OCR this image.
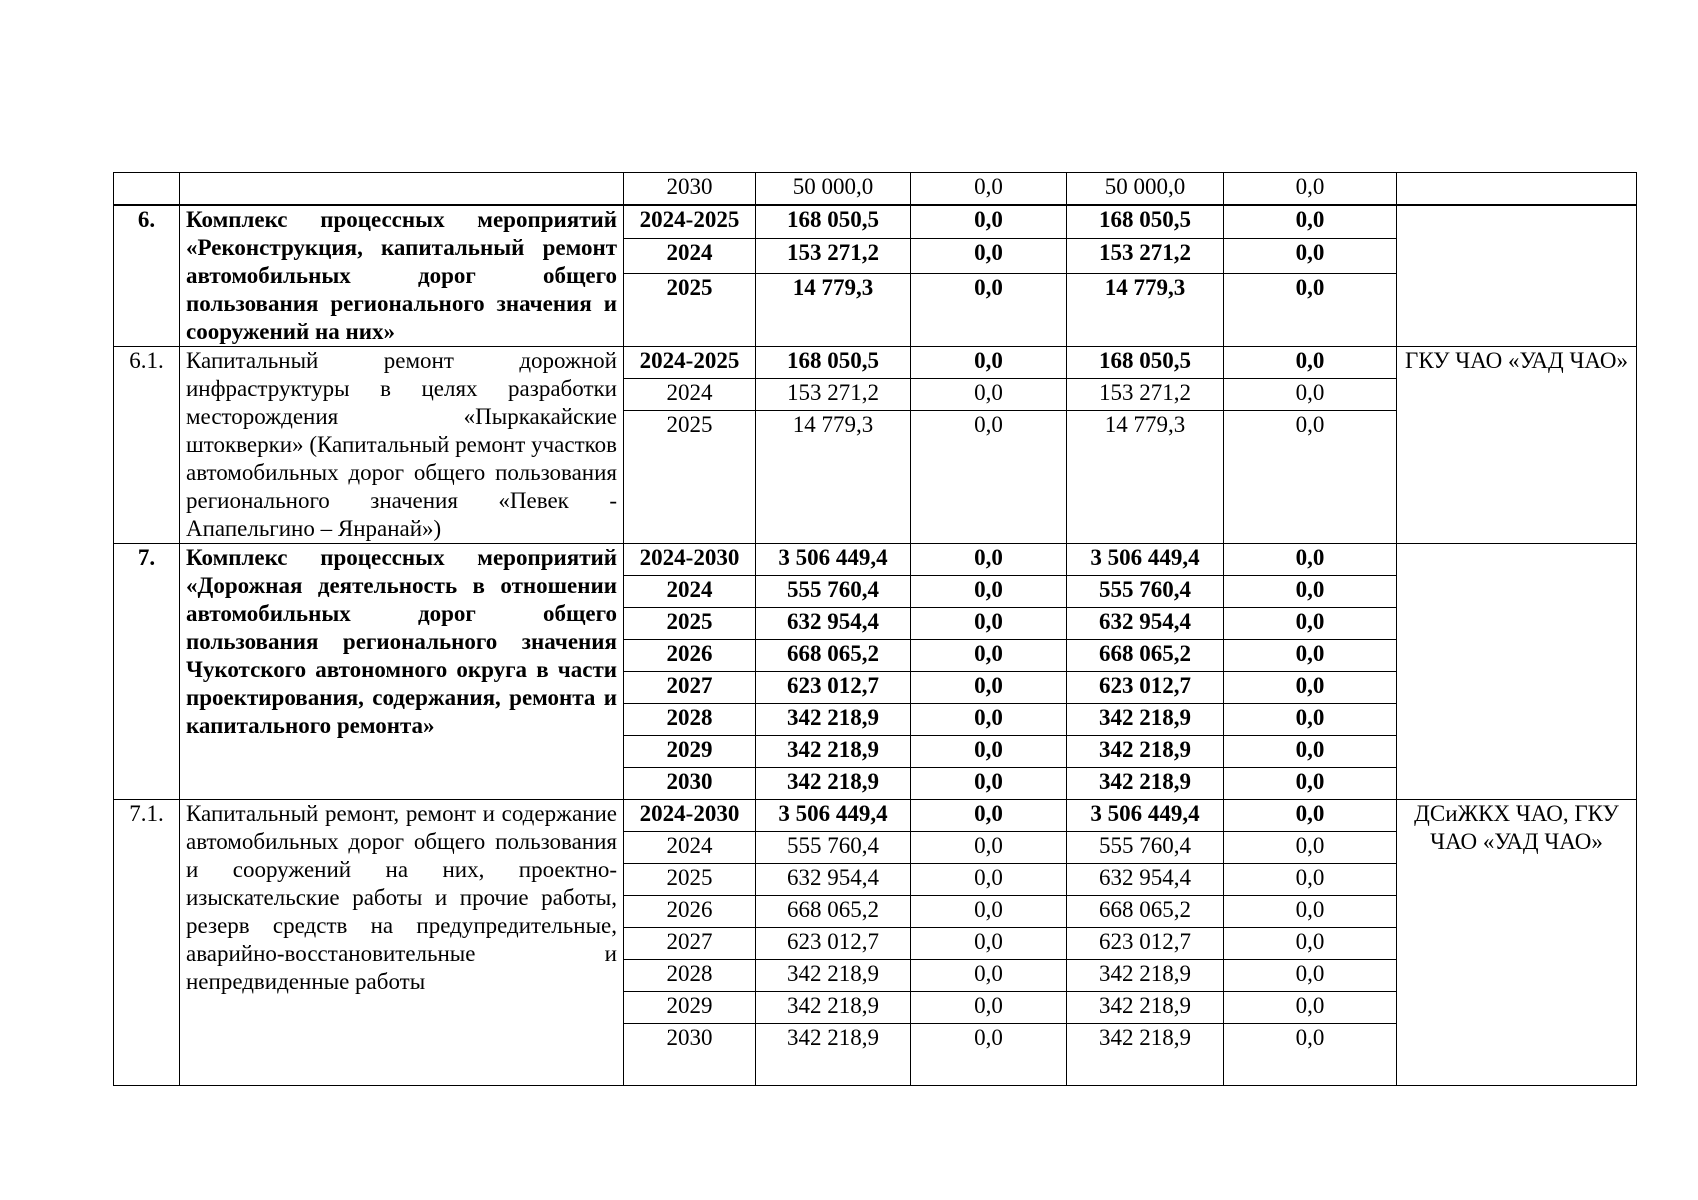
		2030	50 000,0	0,0	50 000,0	0,0	
6.	Комплекс процессных мероприятий «Реконструкция, капитальный ремонт автомобильных дорог общего пользования регионального значения и сооружений на них»	2024-2025	168 050,5	0,0	168 050,5	0,0	
		2024	153 271,2	0,0	153 271,2	0,0	
		2025	14 779,3	0,0	14 779,3	0,0	
6.1.	Капитальный ремонт дорожной инфраструктуры в целях разработки месторождения «Пыркакайские штокверки» (Капитальный ремонт участков автомобильных дорог общего пользования регионального значения «Певек - Апапельгино – Янранай»)	2024-2025	168 050,5	0,0	168 050,5	0,0	ГКУ ЧАО «УАД ЧАО»
		2024	153 271,2	0,0	153 271,2	0,0	
		2025	14 779,3	0,0	14 779,3	0,0	
7.	Комплекс процессных мероприятий «Дорожная деятельность в отношении автомобильных дорог общего пользования регионального значения Чукотского автономного округа в части проектирования, содержания, ремонта и капитального ремонта»	2024-2030	3 506 449,4	0,0	3 506 449,4	0,0	
		2024	555 760,4	0,0	555 760,4	0,0	
		2025	632 954,4	0,0	632 954,4	0,0	
		2026	668 065,2	0,0	668 065,2	0,0	
		2027	623 012,7	0,0	623 012,7	0,0	
		2028	342 218,9	0,0	342 218,9	0,0	
		2029	342 218,9	0,0	342 218,9	0,0	
		2030	342 218,9	0,0	342 218,9	0,0	
7.1.	Капитальный ремонт, ремонт и содержание автомобильных дорог общего пользования и сооружений на них, проектно-изыскательские работы и прочие работы, резерв средств на предупредительные, аварийно-восстановительные и непредвиденные работы	2024-2030	3 506 449,4	0,0	3 506 449,4	0,0	ДСиЖКХ ЧАО, ГКУ ЧАО «УАД ЧАО»
		2024	555 760,4	0,0	555 760,4	0,0	
		2025	632 954,4	0,0	632 954,4	0,0	
		2026	668 065,2	0,0	668 065,2	0,0	
		2027	623 012,7	0,0	623 012,7	0,0	
		2028	342 218,9	0,0	342 218,9	0,0	
		2029	342 218,9	0,0	342 218,9	0,0	
		2030	342 218,9	0,0	342 218,9	0,0	
